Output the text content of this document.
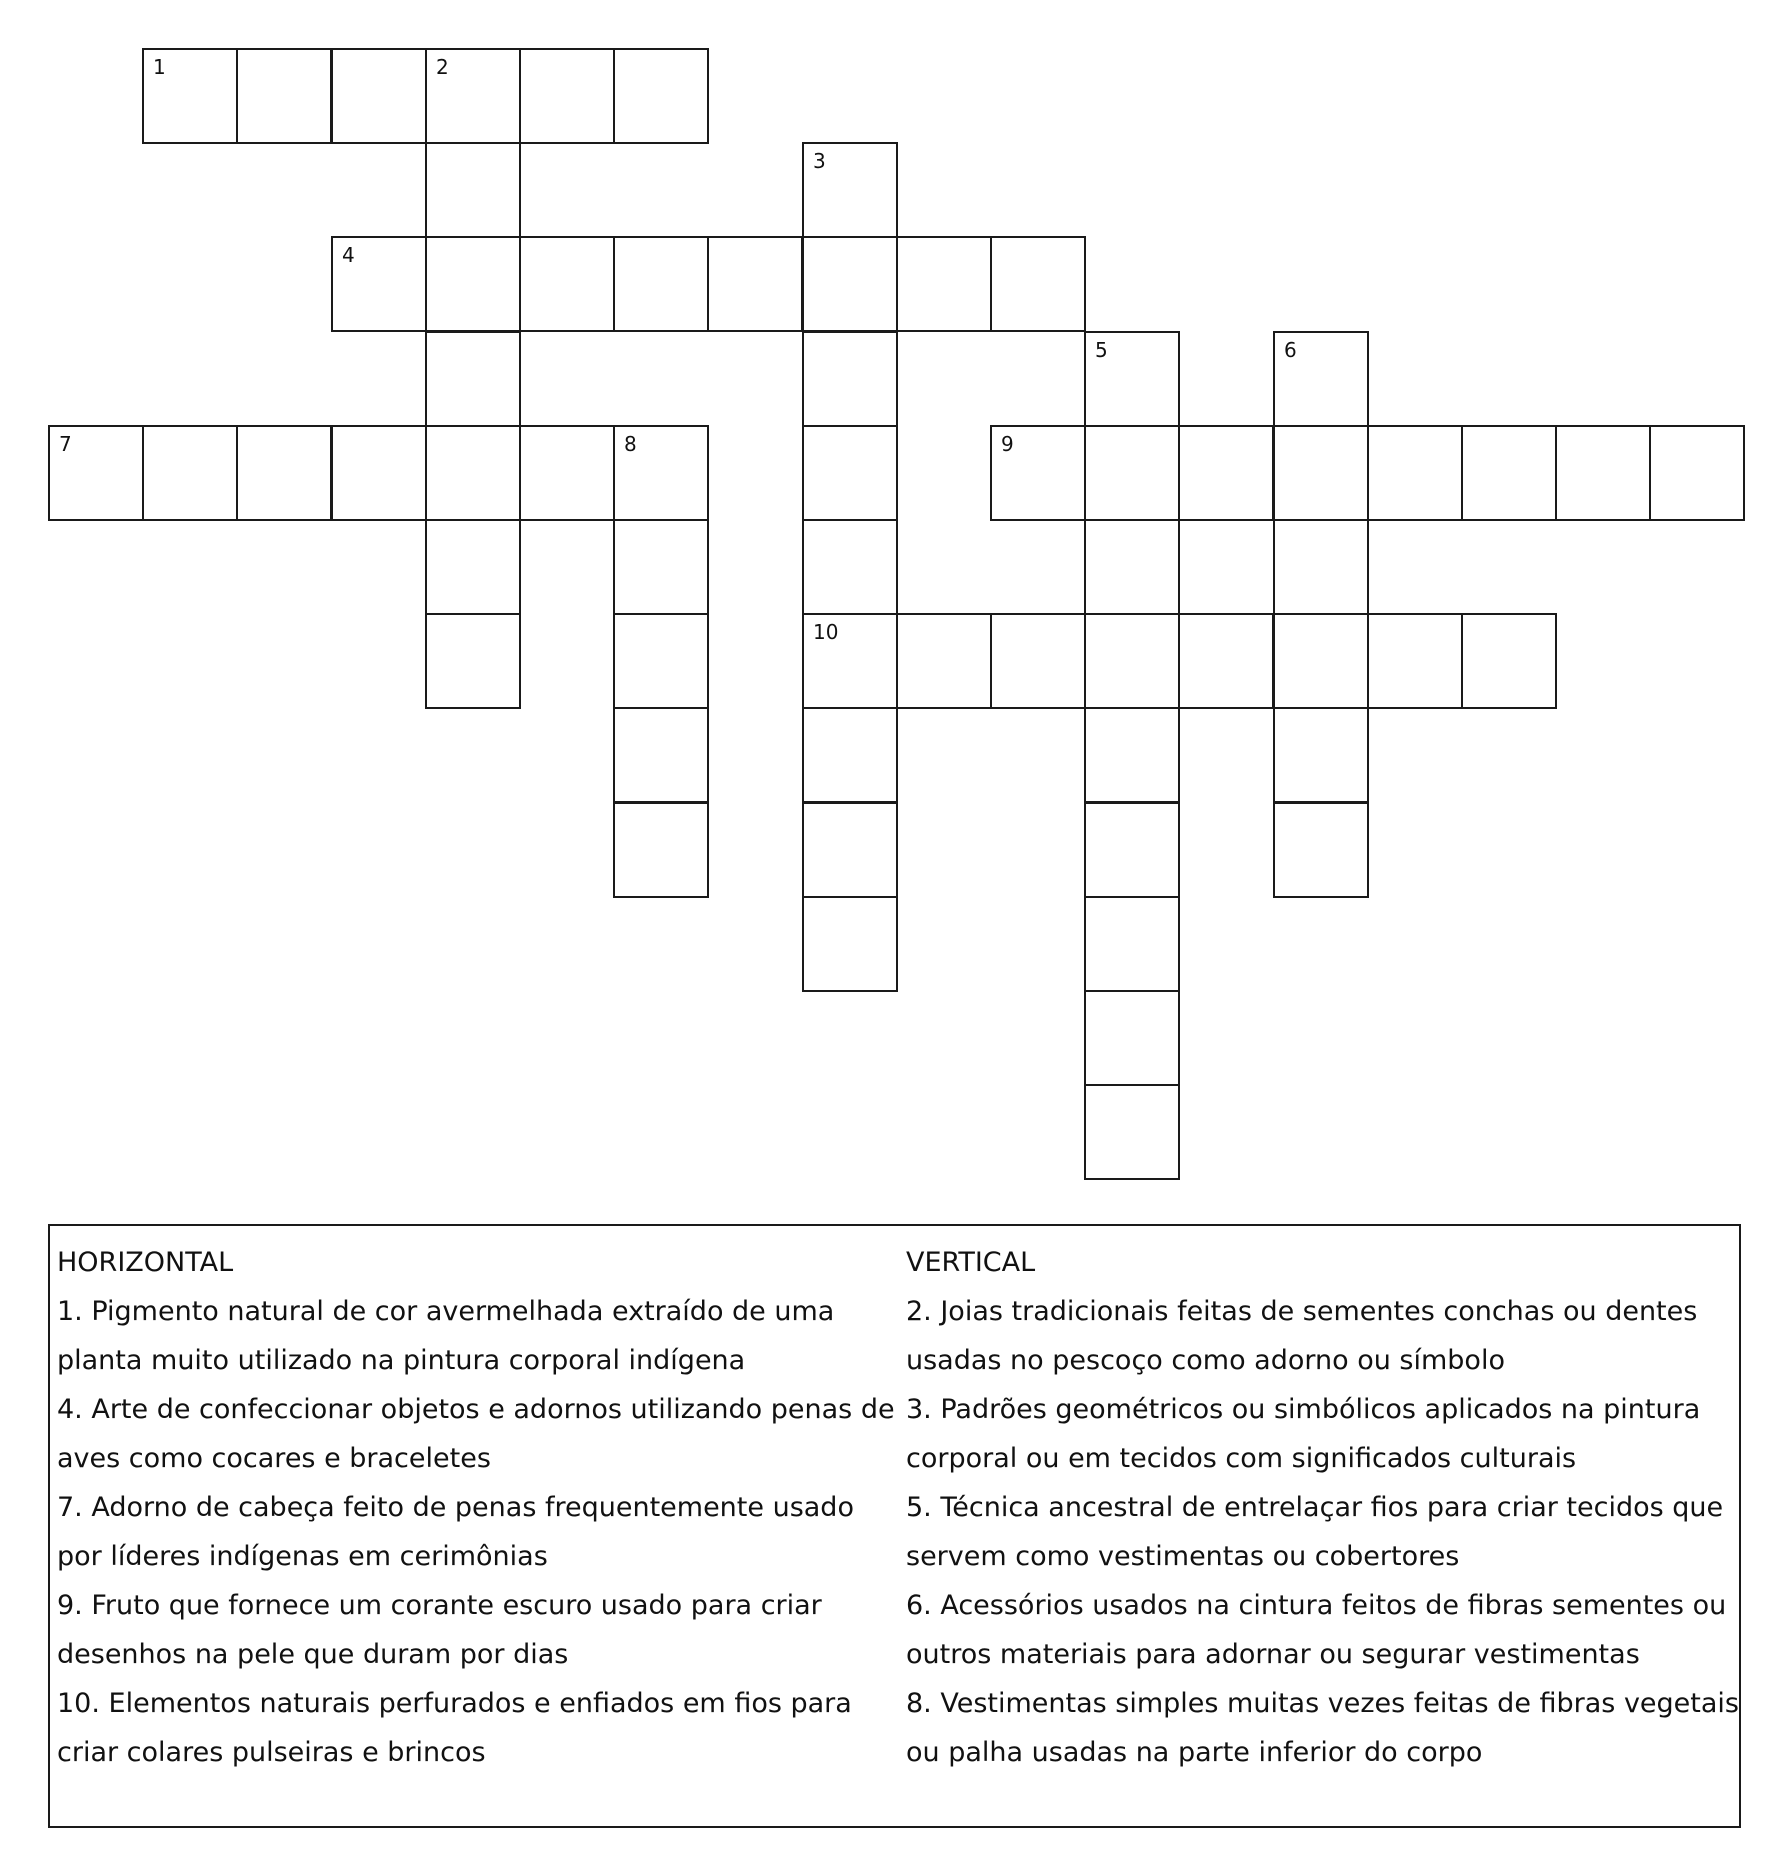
1	2
3
4
5	6
7	8	9
10
HORIZONTAL
1. Pigmento natural de cor avermelhada extraído de uma
planta muito utilizado na pintura corporal indígena
4. Arte de confeccionar objetos e adornos utilizando penas de
aves como cocares e braceletes
7. Adorno de cabeça feito de penas frequentemente usado
por líderes indígenas em cerimônias
9. Fruto que fornece um corante escuro usado para criar
desenhos na pele que duram por dias
10. Elementos naturais perfurados e enfiados em fios para
criar colares pulseiras e brincos
VERTICAL
2. Joias tradicionais feitas de sementes conchas ou dentes
usadas no pescoço como adorno ou símbolo
3. Padrões geométricos ou simbólicos aplicados na pintura
corporal ou em tecidos com significados culturais
5. Técnica ancestral de entrelaçar fios para criar tecidos que
servem como vestimentas ou cobertores
6. Acessórios usados na cintura feitos de fibras sementes ou
outros materiais para adornar ou segurar vestimentas
8. Vestimentas simples muitas vezes feitas de fibras vegetais
ou palha usadas na parte inferior do corpo
